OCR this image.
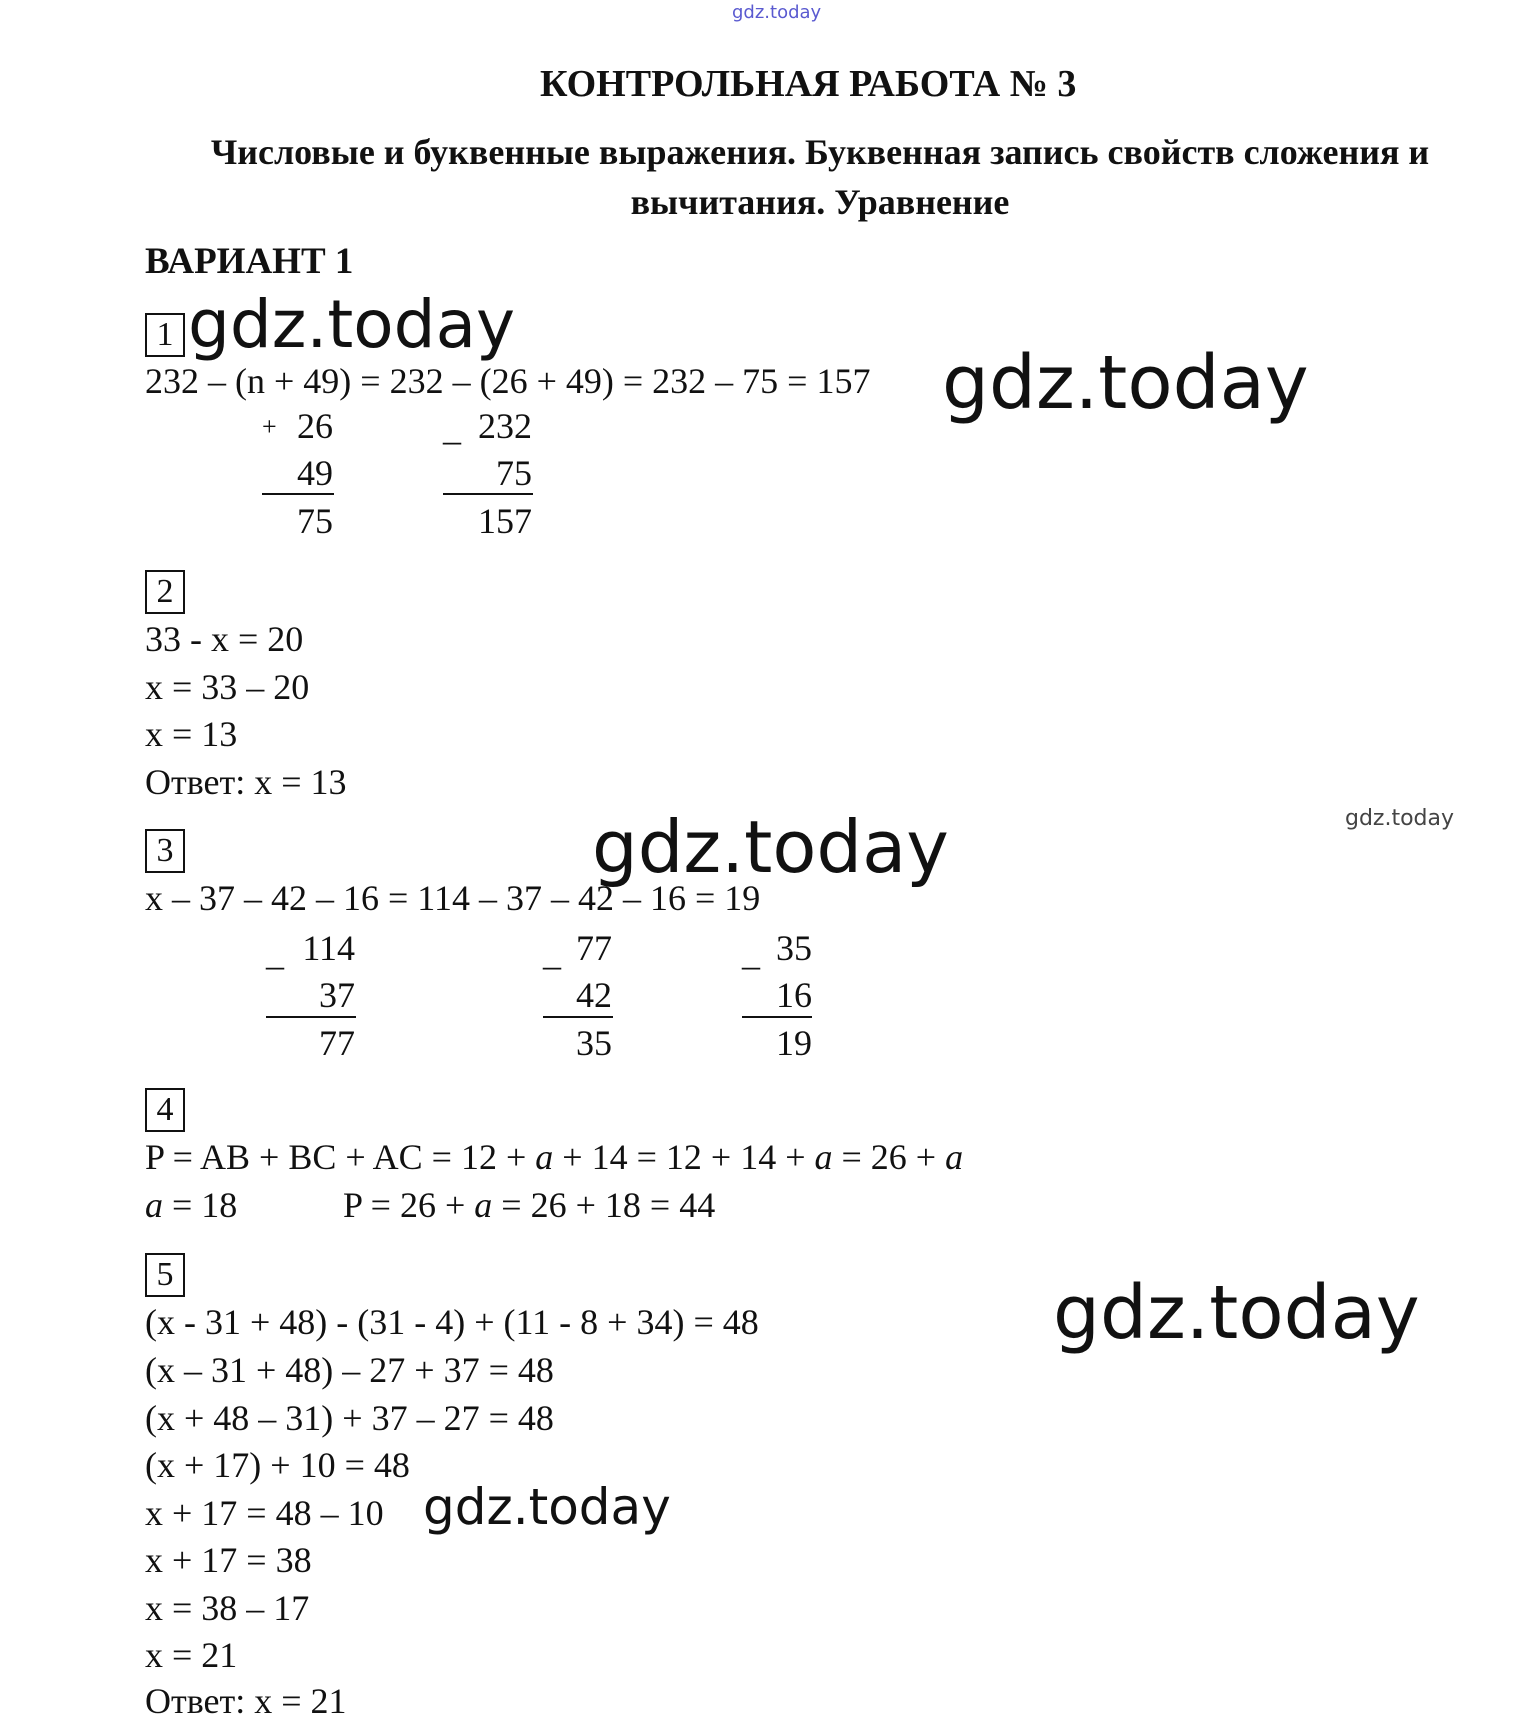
gdz.today
gdz.today
gdz.today
gdz.today
gdz.today
gdz.today
gdz.today
КОНТРОЛЬНАЯ РАБОТА № 3
Числовые и буквенные выражения. Буквенная запись свойств сложения и вычитания. Уравнение
ВАРИАНТ 1
1
232 – (n + 49) = 232 – (26 + 49) = 232 – 75 = 157
+ 26
49
75
_ 232
75
157
2
33 - x = 20
x = 33 – 20
x = 13
Ответ: x = 13
3
x – 37 – 42 – 16 = 114 – 37 – 42 – 16 = 19
_ 114
37
77
_ 77
42
35
_ 35
16
19
4
P = AB + BC + AC = 12 + a + 14 = 12 + 14 + a = 26 + a
a = 18	P = 26 + a = 26 + 18 = 44
5
(x - 31 + 48) - (31 - 4) + (11 - 8 + 34) = 48
(x – 31 + 48) – 27 + 37 = 48
(x + 48 – 31) + 37 – 27 = 48
(x + 17) + 10 = 48
x + 17 = 48 – 10
x + 17 = 38
x = 38 – 17
x = 21
Ответ: x = 21
